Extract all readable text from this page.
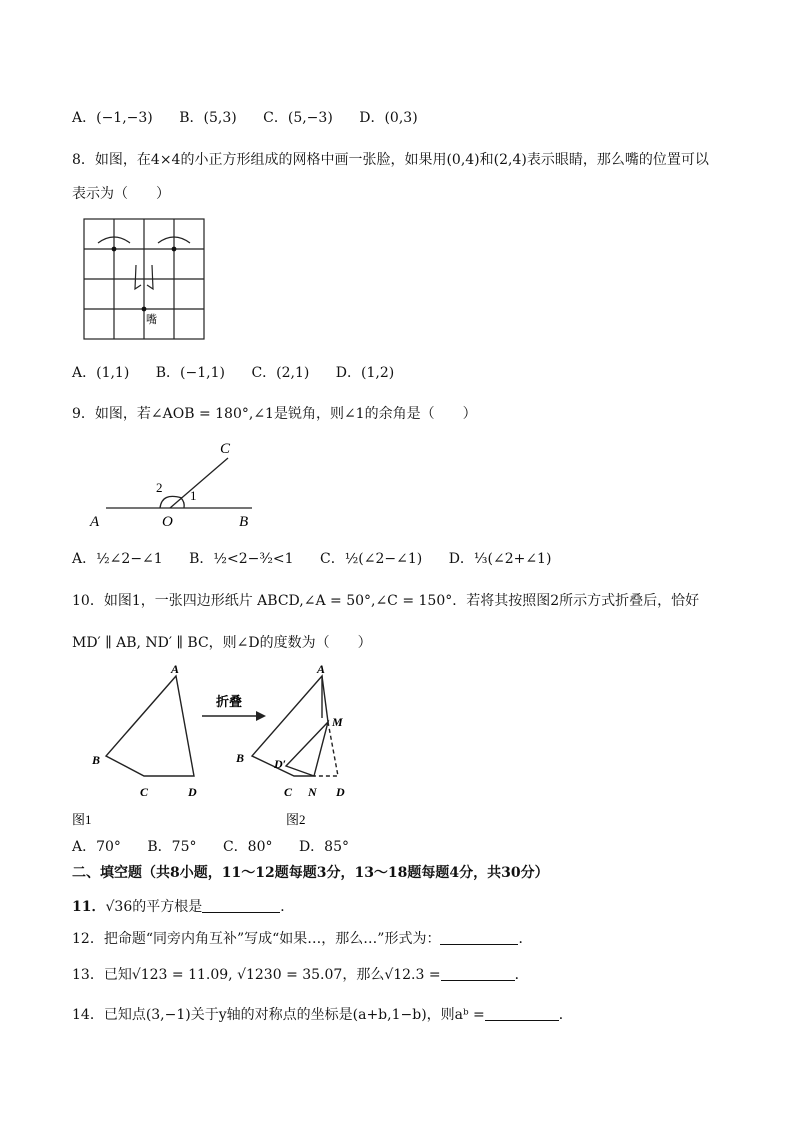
A．(−1,−3) B．(5,3) C．(5,−3) D．(0,3)
8．如图，在4×4的小正方形组成的网格中画一张脸，如果用(0,4)和(2,4)表示眼睛，那么嘴的位置可以
表示为（　　）
嘴
A．(1,1) B．(−1,1) C．(2,1) D．(1,2)
9．如图，若∠AOB = 180°,∠1是锐角，则∠1的余角是（　　）
C
2
1
A	O	B
A．½∠2−∠1 B．½<2−³⁄₂<1 C．½(∠2−∠1) D．⅓(∠2+∠1)
10．如图1，一张四边形纸片 ABCD,∠A = 50°,∠C = 150°．若将其按照图2所示方式折叠后，恰好
MD′ ∥ AB, ND′ ∥ BC，则∠D的度数为（　　）
A
B
C	D
折叠
A
M
B D′
C N D
图1	图2
A．70° B．75° C．80° D．85°
二、填空题（共8小题，11～12题每题3分，13～18题每题4分，共30分）
11．√36的平方根是	．
12．把命题“同旁内角互补”写成“如果…，那么…”形式为：	．
13．已知√123 = 11.09, √1230 = 35.07，那么√12.3 =	．
14．已知点(3,−1)关于y轴的对称点的坐标是(a+b,1−b)，则aᵇ =	．
